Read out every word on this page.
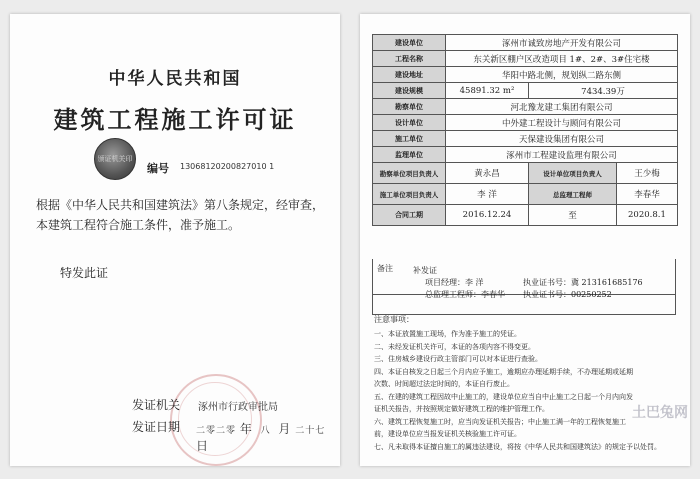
中华人民共和国
建筑工程施工许可证
颁证机关印
编号 13068120200827010 1
根据《中华人民共和国建筑法》第八条规定，经审查，
本建筑工程符合施工条件，准予施工。
特发此证
发证机关 涿州市行政审批局
发证日期 二零二零 年 八 月 二十七 日
建设单位	涿州市诚致房地产开发有限公司		
工程名称	东关新区棚户区改造项目 1#、2#、3#住宅楼		
建设地址	华阳中路北侧，规划纵二路东侧		
建设规模	45891.32 m²	7434.39万	
勘察单位	河北豫龙建工集团有限公司		
设计单位	中外建工程设计与顾问有限公司		
施工单位	天保建设集团有限公司		
监理单位	涿州市工程建设监理有限公司		
勘察单位项目负责人	黄永昌	设计单位项目负责人	王少梅
施工单位项目负责人	李 洋	总监理工程师	李春华
合同工期	2016.12.24	至	2020.8.1
备注	补发证
项目经理：李 洋	执业证书号：冀 213161685176
总监理工程师：李春华 执业证书号：00250252
注意事项：
一、本证放置施工现场，作为准予施工的凭证。
二、未经发证机关许可，本证的各项内容不得变更。
三、住房城乡建设行政主管部门可以对本证进行查验。
四、本证自核发之日起三个月内应予施工，逾期应办理延期手续，不办理延期或延期
次数、时间超过法定时间的，本证自行废止。
五、在建的建筑工程因故中止施工的，建设单位应当自中止施工之日起一个月内向发
证机关报告，并按照规定做好建筑工程的维护管理工作。
六、建筑工程恢复施工时，应当向发证机关报告；中止施工满一年的工程恢复施工
前，建设单位应当报发证机关核验施工许可证。
七、凡未取得本证擅自施工的属违法建设，将按《中华人民共和国建筑法》的规定予以处罚。
土巴兔网
